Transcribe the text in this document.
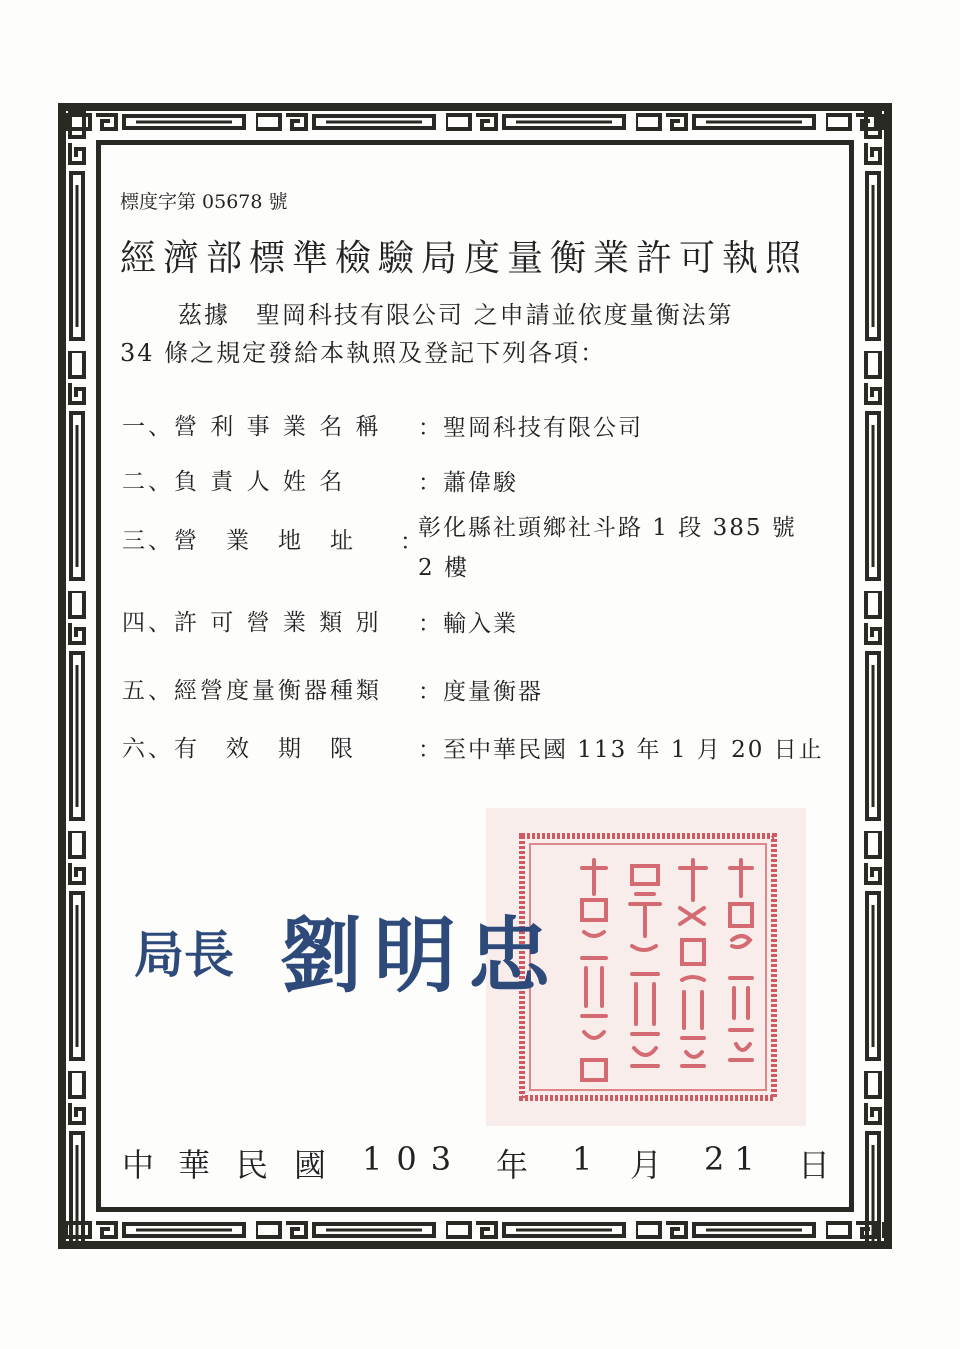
標度字第 05678 號
經濟部標準檢驗局度量衡業許可執照
茲據　聖岡科技有限公司 之申請並依度量衡法第
34 條之規定發給本執照及登記下列各項：
一、營 利 事 業 名 稱	：聖岡科技有限公司
二、負 責 人 姓 名	：蕭偉駿
三、營　業　地　址	：
彰化縣社頭鄉社斗路 1 段 385 號
2 樓
四、許 可 營 業 類 別	：輸入業
五、經營度量衡器種類	：度量衡器
六、有　效　期　限	：至中華民國 113 年 1 月 20 日止
局長 劉明忠
中 華 民 國 103 年 1 月 21 日
